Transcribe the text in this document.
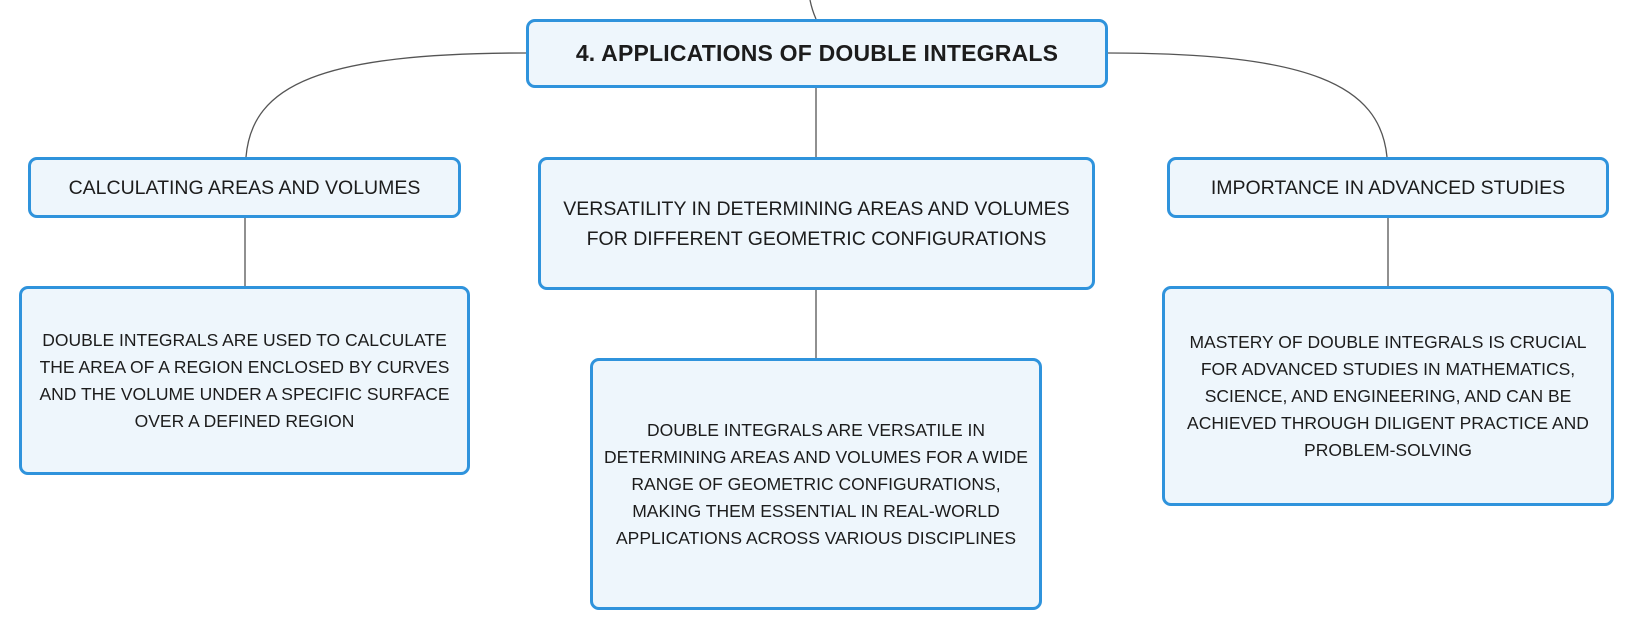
4. APPLICATIONS OF DOUBLE INTEGRALS
CALCULATING AREAS AND VOLUMES
VERSATILITY IN DETERMINING AREAS AND VOLUMES FOR DIFFERENT GEOMETRIC CONFIGURATIONS
IMPORTANCE IN ADVANCED STUDIES
DOUBLE INTEGRALS ARE USED TO CALCULATE THE AREA OF A REGION ENCLOSED BY CURVES AND THE VOLUME UNDER A SPECIFIC SURFACE OVER A DEFINED REGION	DOUBLE INTEGRALS ARE VERSATILE IN DETERMINING AREAS AND VOLUMES FOR A WIDE RANGE OF GEOMETRIC CONFIGURATIONS, MAKING THEM ESSENTIAL IN REAL-WORLD APPLICATIONS ACROSS VARIOUS DISCIPLINES
MASTERY OF DOUBLE INTEGRALS IS CRUCIAL FOR ADVANCED STUDIES IN MATHEMATICS, SCIENCE, AND ENGINEERING, AND CAN BE ACHIEVED THROUGH DILIGENT PRACTICE AND PROBLEM-SOLVING
